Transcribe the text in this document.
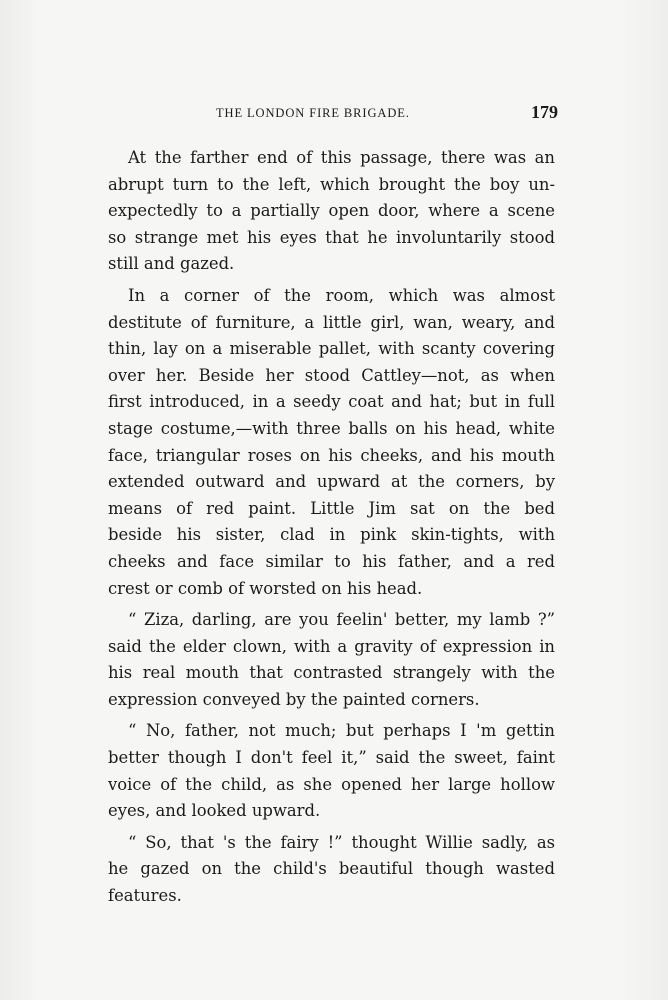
THE LONDON FIRE BRIGADE.	179
At the farther end of this passage, there was an
abrupt turn to the left, which brought the boy un-
expectedly to a partially open door, where a scene
so strange met his eyes that he involuntarily stood
still and gazed.
In a corner of the room, which was almost
destitute of furniture, a little girl, wan, weary, and
thin, lay on a miserable pallet, with scanty covering
over her. Beside her stood Cattley—not, as when
first introduced, in a seedy coat and hat; but in full
stage costume,—with three balls on his head, white
face, triangular roses on his cheeks, and his mouth
extended outward and upward at the corners, by
means of red paint. Little Jim sat on the bed
beside his sister, clad in pink skin-tights, with
cheeks and face similar to his father, and a red
crest or comb of worsted on his head.
“ Ziza, darling, are you feelin' better, my lamb ?”
said the elder clown, with a gravity of expression in
his real mouth that contrasted strangely with the
expression conveyed by the painted corners.
“ No, father, not much; but perhaps I 'm gettin
better though I don't feel it,” said the sweet, faint
voice of the child, as she opened her large hollow
eyes, and looked upward.
“ So, that 's the fairy !” thought Willie sadly, as
he gazed on the child's beautiful though wasted
features.
